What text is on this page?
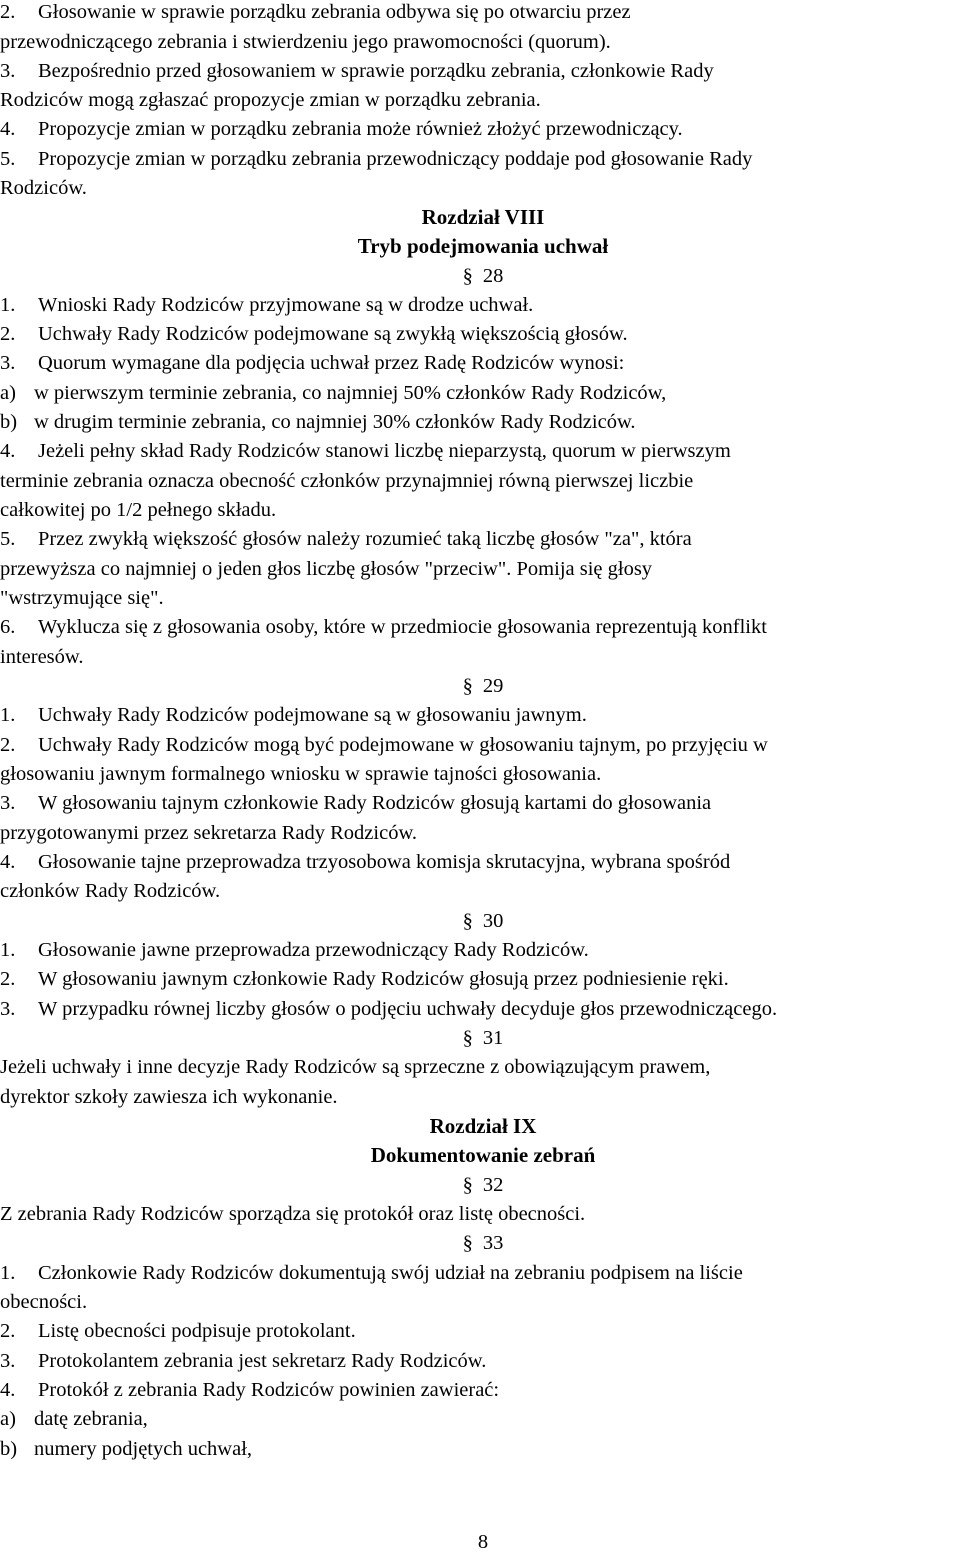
2. Głosowanie w sprawie porządku zebrania odbywa się po otwarciu przez
przewodniczącego zebrania i stwierdzeniu jego prawomocności (quorum).
3. Bezpośrednio przed głosowaniem w sprawie porządku zebrania, członkowie Rady
Rodziców mogą zgłaszać propozycje zmian w porządku zebrania.
4. Propozycje zmian w porządku zebrania może również złożyć przewodniczący.
5. Propozycje zmian w porządku zebrania przewodniczący poddaje pod głosowanie Rady
Rodziców.
Rozdział VIII
Tryb podejmowania uchwał
§ 28
1. Wnioski Rady Rodziców przyjmowane są w drodze uchwał.
2. Uchwały Rady Rodziców podejmowane są zwykłą większością głosów.
3. Quorum wymagane dla podjęcia uchwał przez Radę Rodziców wynosi:
a) w pierwszym terminie zebrania, co najmniej 50% członków Rady Rodziców,
b) w drugim terminie zebrania, co najmniej 30% członków Rady Rodziców.
4. Jeżeli pełny skład Rady Rodziców stanowi liczbę nieparzystą, quorum w pierwszym
terminie zebrania oznacza obecność członków przynajmniej równą pierwszej liczbie
całkowitej po 1/2 pełnego składu.
5. Przez zwykłą większość głosów należy rozumieć taką liczbę głosów "za", która
przewyższa co najmniej o jeden głos liczbę głosów "przeciw". Pomija się głosy
"wstrzymujące się".
6. Wyklucza się z głosowania osoby, które w przedmiocie głosowania reprezentują konflikt
interesów.
§ 29
1. Uchwały Rady Rodziców podejmowane są w głosowaniu jawnym.
2. Uchwały Rady Rodziców mogą być podejmowane w głosowaniu tajnym, po przyjęciu w
głosowaniu jawnym formalnego wniosku w sprawie tajności głosowania.
3. W głosowaniu tajnym członkowie Rady Rodziców głosują kartami do głosowania
przygotowanymi przez sekretarza Rady Rodziców.
4. Głosowanie tajne przeprowadza trzyosobowa komisja skrutacyjna, wybrana spośród
członków Rady Rodziców.
§ 30
1. Głosowanie jawne przeprowadza przewodniczący Rady Rodziców.
2. W głosowaniu jawnym członkowie Rady Rodziców głosują przez podniesienie ręki.
3. W przypadku równej liczby głosów o podjęciu uchwały decyduje głos przewodniczącego.
§ 31
Jeżeli uchwały i inne decyzje Rady Rodziców są sprzeczne z obowiązującym prawem,
dyrektor szkoły zawiesza ich wykonanie.
Rozdział IX
Dokumentowanie zebrań
§ 32
Z zebrania Rady Rodziców sporządza się protokół oraz listę obecności.
§ 33
1. Członkowie Rady Rodziców dokumentują swój udział na zebraniu podpisem na liście
obecności.
2. Listę obecności podpisuje protokolant.
3. Protokolantem zebrania jest sekretarz Rady Rodziców.
4. Protokół z zebrania Rady Rodziców powinien zawierać:
a) datę zebrania,
b) numery podjętych uchwał,
8
